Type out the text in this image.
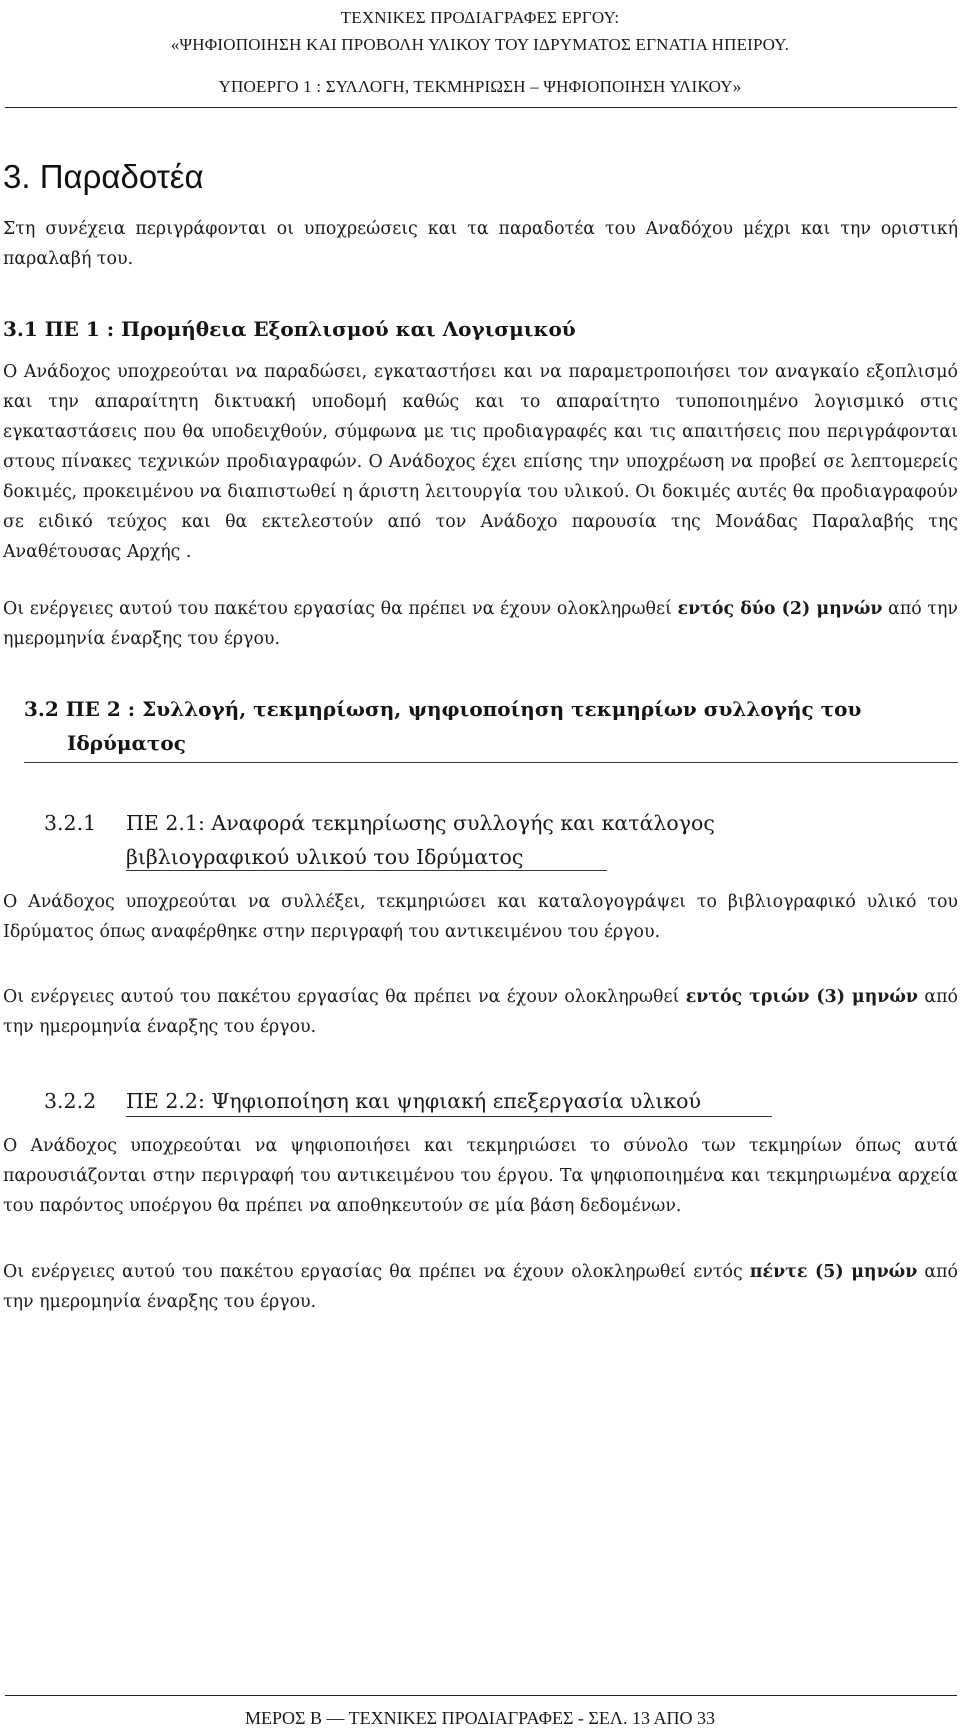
ΤΕΧΝΙΚΕΣ ΠΡΟΔΙΑΓΡΑΦΕΣ ΕΡΓΟΥ:
«ΨΗΦΙΟΠΟΙΗΣΗ ΚΑΙ ΠΡΟΒΟΛΗ ΥΛΙΚΟΥ ΤΟΥ ΙΔΡΥΜΑΤΟΣ ΕΓΝΑΤΙΑ ΗΠΕΙΡΟΥ.
ΥΠΟΕΡΓΟ 1 : ΣΥΛΛΟΓΗ, ΤΕΚΜΗΡΙΩΣΗ – ΨΗΦΙΟΠΟΙΗΣΗ ΥΛΙΚΟΥ»
3. Παραδοτέα

Στη συνέχεια περιγράφονται οι υποχρεώσεις και τα παραδοτέα του Αναδόχου μέχρι και την οριστική παραλαβή του.

3.1 ΠΕ 1 : Προμήθεια Εξοπλισμού και Λογισμικού

Ο Ανάδοχος υποχρεούται να παραδώσει, εγκαταστήσει και να παραμετροποιήσει τον αναγκαίο εξοπλισμό και την απαραίτητη δικτυακή υποδομή καθώς και το απαραίτητο τυποποιημένο λογισμικό στις εγκαταστάσεις που θα υποδειχθούν, σύμφωνα με τις προδιαγραφές και τις απαιτήσεις που περιγράφονται στους πίνακες τεχνικών προδιαγραφών. Ο Ανάδοχος έχει επίσης την υποχρέωση να προβεί σε λεπτομερείς δοκιμές, προκειμένου να διαπιστωθεί η άριστη λειτουργία του υλικού. Οι δοκιμές αυτές θα προδιαγραφούν σε ειδικό τεύχος και θα εκτελεστούν από τον Ανάδοχο παρουσία της Μονάδας Παραλαβής της Αναθέτουσας Αρχής .

Οι ενέργειες αυτού του πακέτου εργασίας θα πρέπει να έχουν ολοκληρωθεί εντός δύο (2) μηνών από την ημερομηνία έναρξης του έργου.

3.2 ΠΕ 2 : Συλλογή, τεκμηρίωση, ψηφιοποίηση τεκμηρίων συλλογής του
Ιδρύματος
3.2.1 ΠΕ 2.1: Αναφορά τεκμηρίωσης συλλογής και κατάλογος
βιβλιογραφικού υλικού του Ιδρύματος

Ο Ανάδοχος υποχρεούται να συλλέξει, τεκμηριώσει και καταλογογράψει το βιβλιογραφικό υλικό του Ιδρύματος όπως αναφέρθηκε στην περιγραφή του αντικειμένου του έργου.

Οι ενέργειες αυτού του πακέτου εργασίας θα πρέπει να έχουν ολοκληρωθεί εντός τριών (3) μηνών από την ημερομηνία έναρξης του έργου.

3.2.2 ΠΕ 2.2: Ψηφιοποίηση και ψηφιακή επεξεργασία υλικού

Ο Ανάδοχος υποχρεούται να ψηφιοποιήσει και τεκμηριώσει το σύνολο των τεκμηρίων όπως αυτά παρουσιάζονται στην περιγραφή του αντικειμένου του έργου. Τα ψηφιοποιημένα και τεκμηριωμένα αρχεία του παρόντος υποέργου θα πρέπει να αποθηκευτούν σε μία βάση δεδομένων.

Οι ενέργειες αυτού του πακέτου εργασίας θα πρέπει να έχουν ολοκληρωθεί εντός πέντε (5) μηνών από την ημερομηνία έναρξης του έργου.

ΜΕΡΟΣ Β — ΤΕΧΝΙΚΕΣ ΠΡΟΔΙΑΓΡΑΦΕΣ - ΣΕΛ. 13 ΑΠΟ 33
